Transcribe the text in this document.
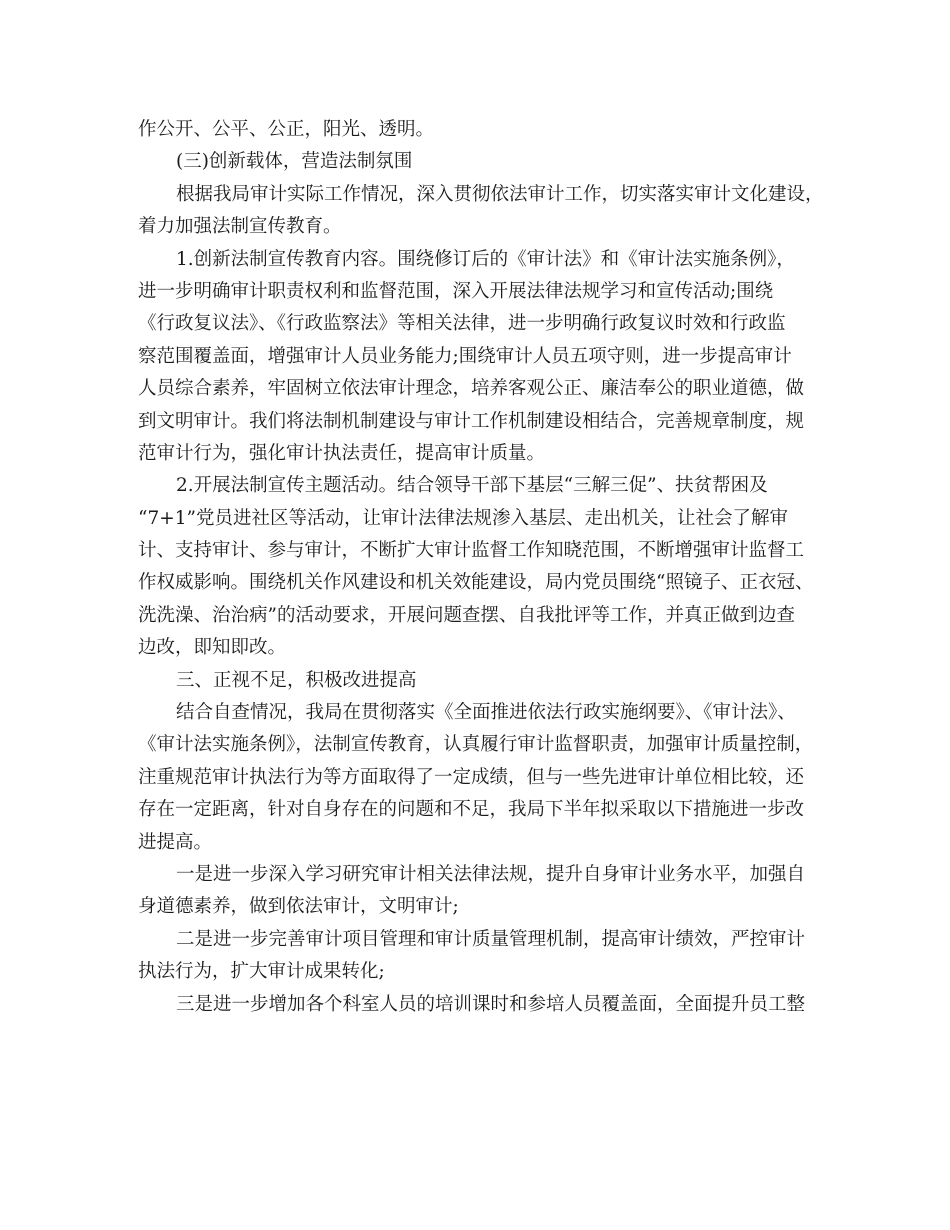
作公开、公平、公正，阳光、透明。
(三)创新载体，营造法制氛围
根据我局审计实际工作情况，深入贯彻依法审计工作，切实落实审计文化建设，
着力加强法制宣传教育。
1.创新法制宣传教育内容。围绕修订后的《审计法》和《审计法实施条例》，
进一步明确审计职责权利和监督范围，深入开展法律法规学习和宣传活动;围绕
《行政复议法》、《行政监察法》等相关法律，进一步明确行政复议时效和行政监
察范围覆盖面，增强审计人员业务能力;围绕审计人员五项守则，进一步提高审计
人员综合素养，牢固树立依法审计理念，培养客观公正、廉洁奉公的职业道德，做
到文明审计。我们将法制机制建设与审计工作机制建设相结合，完善规章制度，规
范审计行为，强化审计执法责任，提高审计质量。
2.开展法制宣传主题活动。结合领导干部下基层“三解三促”、扶贫帮困及
“7+1”党员进社区等活动，让审计法律法规渗入基层、走出机关，让社会了解审
计、支持审计、参与审计，不断扩大审计监督工作知晓范围，不断增强审计监督工
作权威影响。围绕机关作风建设和机关效能建设，局内党员围绕“照镜子、正衣冠、
洗洗澡、治治病”的活动要求，开展问题查摆、自我批评等工作，并真正做到边查
边改，即知即改。
三、正视不足，积极改进提高
结合自查情况，我局在贯彻落实《全面推进依法行政实施纲要》、《审计法》、
《审计法实施条例》，法制宣传教育，认真履行审计监督职责，加强审计质量控制，
注重规范审计执法行为等方面取得了一定成绩，但与一些先进审计单位相比较，还
存在一定距离，针对自身存在的问题和不足，我局下半年拟采取以下措施进一步改
进提高。
一是进一步深入学习研究审计相关法律法规，提升自身审计业务水平，加强自
身道德素养，做到依法审计，文明审计;
二是进一步完善审计项目管理和审计质量管理机制，提高审计绩效，严控审计
执法行为，扩大审计成果转化;
三是进一步增加各个科室人员的培训课时和参培人员覆盖面，全面提升员工整
